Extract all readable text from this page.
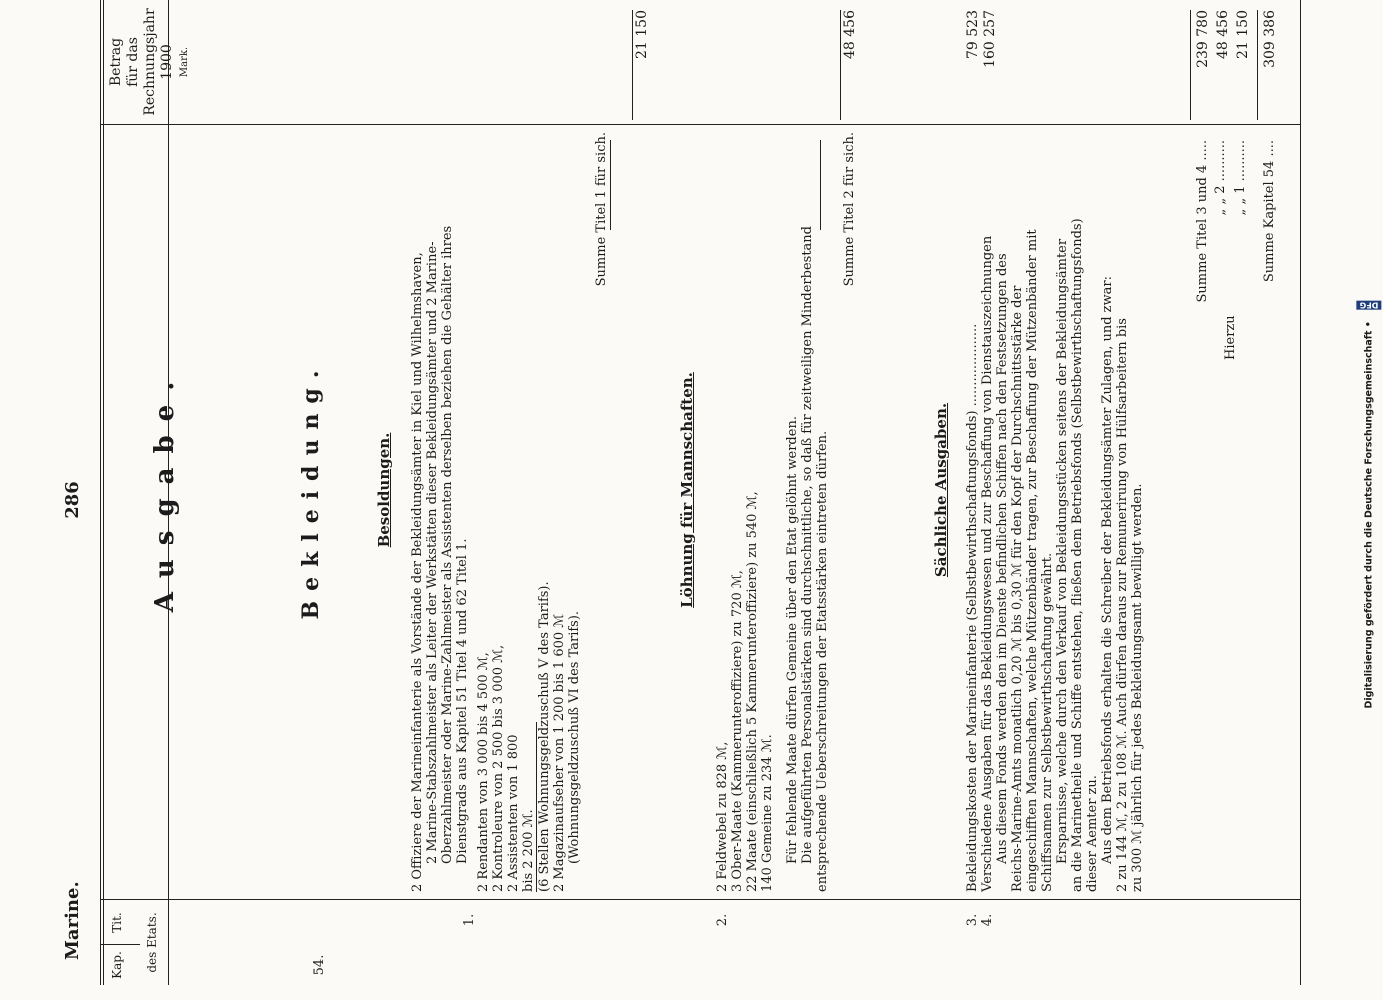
Digitalisierung gefördert durch die Deutsche Forschungsgemeinschaft •DFG
Marine.
286
Kap.
Tit. des Etats.
Betrag für das Rechnungsjahr 1900 Mark.
Ausgabe.
54.
Bekleidung.	Besoldungen.
1.
2 Offiziere der Marineinfanterie als Vorstände der Bekleidungsämter in Kiel und Wilhelmshaven, 2 Marine-Stabszahlmeister als Leiter der Werkstätten dieser Bekleidungsämter und 2 Marine- Oberzahlmeister oder Marine-Zahlmeister als Assistenten derselben beziehen die Gehälter ihres Dienstgrads aus Kapitel 51 Titel 4 und 62 Titel 1. 2 Rendanten von 3 000 bis 4 500 ℳ, 2 Kontroleure von 2 500 bis 3 000 ℳ, 2 Assistenten von 1 800 bis 2 200 ℳ. (6 Stellen Wohnungsgeldzuschuß V des Tarifs). 2 Magazinaufseher von 1 200 bis 1 600 ℳ (Wohnungsgeldzuschuß VI des Tarifs).
Summe Titel 1 für sich.
21 150
Löhnung für Mannschaften.
2.
2 Feldwebel zu 828 ℳ, 3 Ober-Maate (Kammerunteroffiziere) zu 720 ℳ, 22 Maate (einschließlich 5 Kammerunteroffiziere) zu 540 ℳ, 140 Gemeine zu 234 ℳ. Für fehlende Maate dürfen Gemeine über den Etat gelöhnt werden. Die aufgeführten Personalstärken sind durchschnittliche, so daß für zeitweiligen Minderbestand entsprechende Ueberschreitungen der Etatsstärken eintreten dürfen.
Summe Titel 2 für sich.
48 456
Sächliche Ausgaben.
3.
Bekleidungskosten der Marineinfanterie (Selbstbewirthschaftungsfonds) ....................
79 523
4.
Verschiedene Ausgaben für das Bekleidungswesen und zur Beschaffung von Dienstauszeichnungen Aus diesem Fonds werden den im Dienste befindlichen Schiffen nach den Festsetzungen des Reichs-Marine-Amts monatlich 0,20 ℳ bis 0,30 ℳ für den Kopf der Durchschnittsstärke der eingeschifften Mannschaften, welche Mützenbänder tragen, zur Beschaffung der Mützenbänder mit Schiffsnamen zur Selbstbewirthschaftung gewährt. Ersparnisse, welche durch den Verkauf von Bekleidungsstücken seitens der Bekleidungsämter an die Marinetheile und Schiffe entstehen, fließen dem Betriebsfonds (Selbstbewirthschaftungsfonds) dieser Aemter zu. Aus dem Betriebsfonds erhalten die Schreiber der Bekleidungsämter Zulagen, und zwar: 2 zu 144 ℳ, 2 zu 108 ℳ. Auch dürfen daraus zur Remunerirung von Hülfsarbeitern bis zu 300 ℳ jährlich für jedes Bekleidungsamt bewilligt werden.
160 257
Summe Titel 3 und 4 .....
239 780
Hierzu
„ „ 2 ..........
48 456
„ „ 1 ..........
21 150
Summe Kapitel 54 ....
309 386
